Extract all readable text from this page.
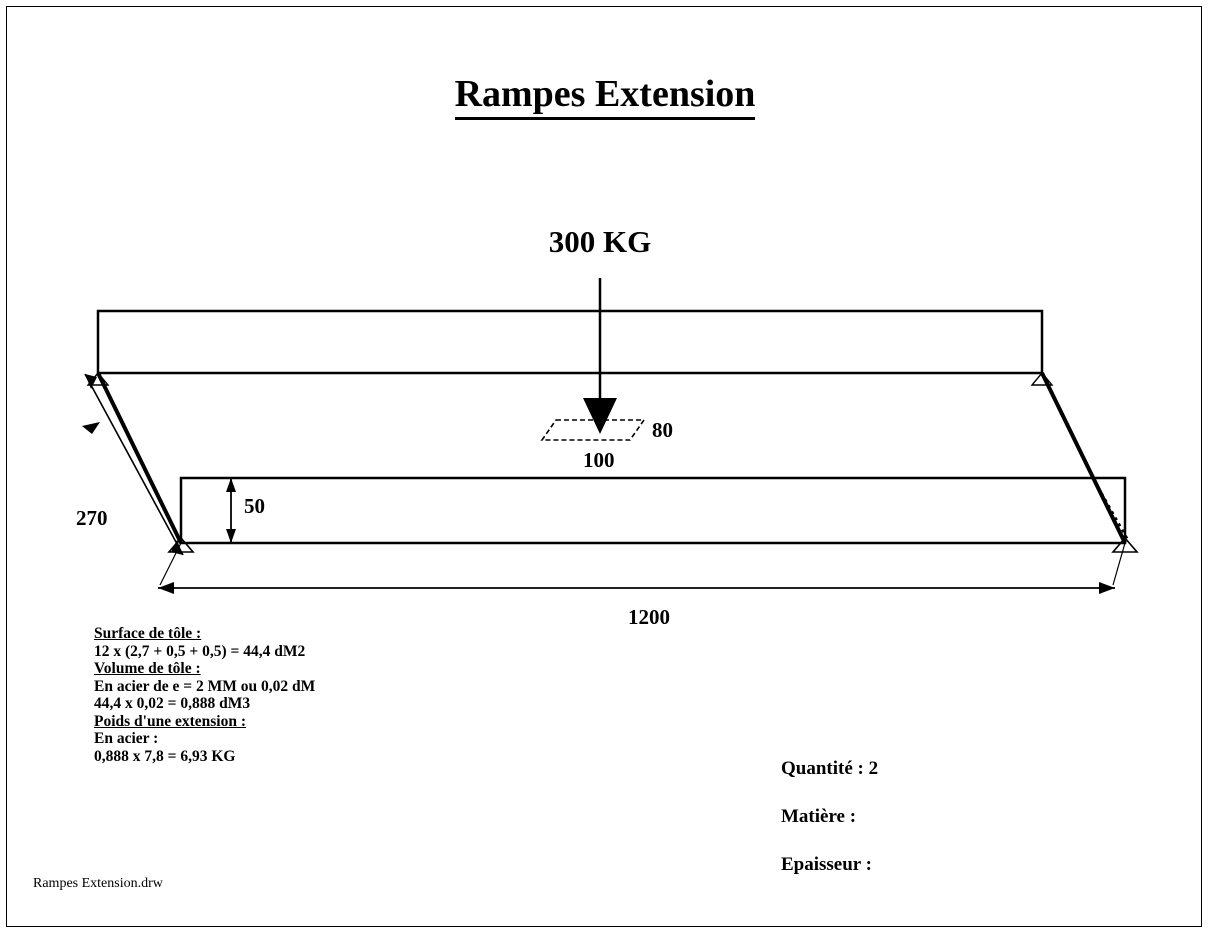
Rampes Extension
300 KG
80
100
50
270
1200
Surface de tôle :
12 x (2,7 + 0,5 + 0,5) = 44,4 dM2
Volume de tôle :
En acier de e = 2 MM ou 0,02 dM
44,4 x 0,02 = 0,888 dM3
Poids d'une extension :
En acier :
0,888 x 7,8 = 6,93 KG
Quantité : 2
Matière :
Epaisseur :
Rampes Extension.drw
